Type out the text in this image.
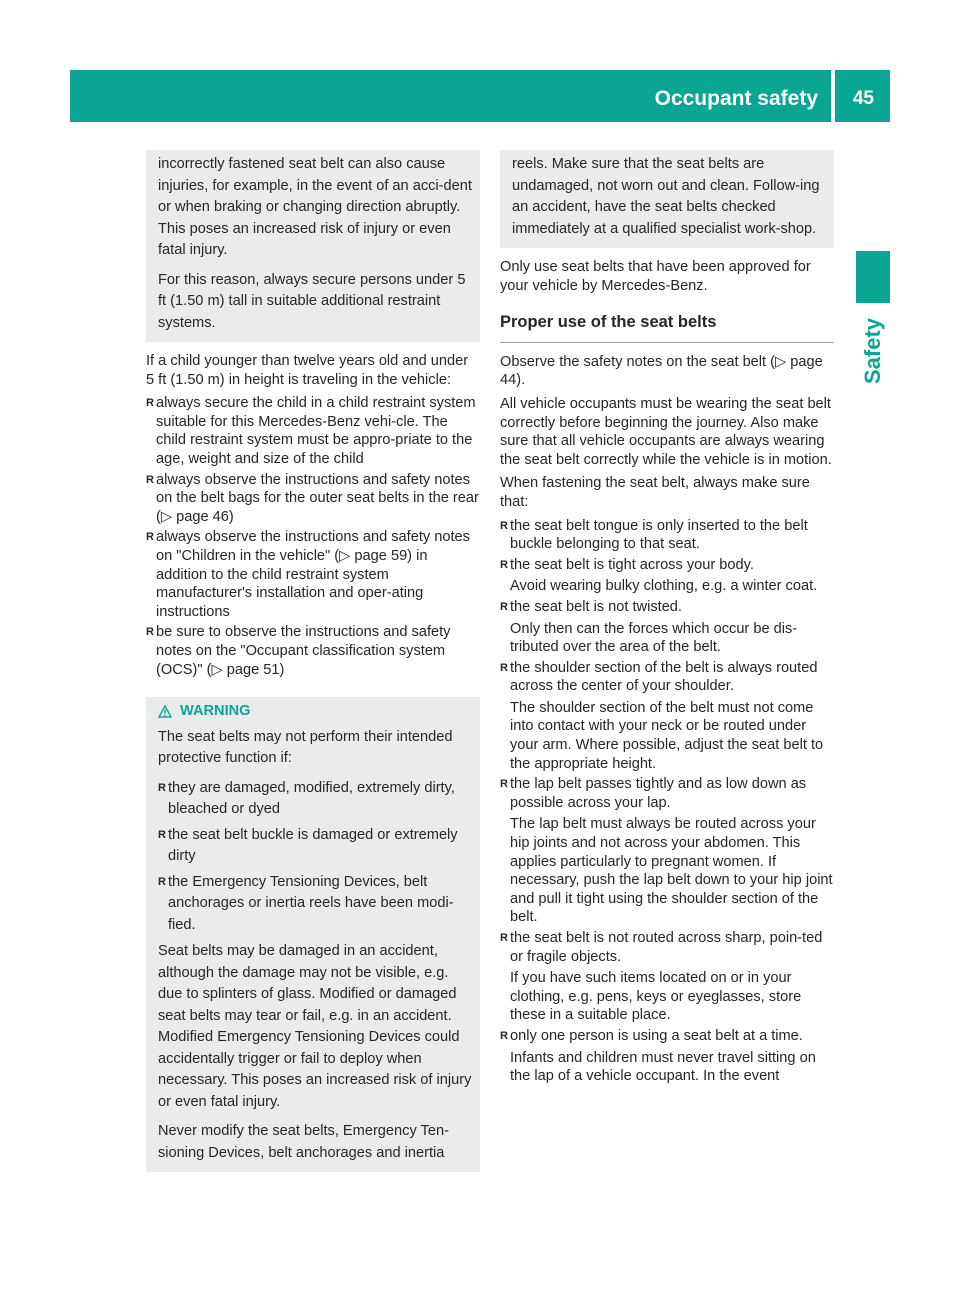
Occupant safety 45
Safety

incorrectly fastened seat belt can also cause injuries, for example, in the event of an acci-dent or when braking or changing direction abruptly. This poses an increased risk of injury or even fatal injury.

For this reason, always secure persons under 5 ft (1.50 m) tall in suitable additional restraint systems.

If a child younger than twelve years old and under 5 ft (1.50 m) in height is traveling in the vehicle:

R always secure the child in a child restraint system suitable for this Mercedes-Benz vehi-cle. The child restraint system must be appro-priate to the age, weight and size of the child
R always observe the instructions and safety notes on the belt bags for the outer seat belts in the rear (▷ page 46)
R always observe the instructions and safety notes on "Children in the vehicle" (▷ page 59) in addition to the child restraint system manufacturer's installation and oper-ating instructions
R be sure to observe the instructions and safety notes on the "Occupant classification system (OCS)" (▷ page 51)
WARNING

The seat belts may not perform their intended protective function if:

R they are damaged, modified, extremely dirty, bleached or dyed
R the seat belt buckle is damaged or extremely dirty
R the Emergency Tensioning Devices, belt anchorages or inertia reels have been modi-fied.

Seat belts may be damaged in an accident, although the damage may not be visible, e.g. due to splinters of glass. Modified or damaged seat belts may tear or fail, e.g. in an accident. Modified Emergency Tensioning Devices could accidentally trigger or fail to deploy when necessary. This poses an increased risk of injury or even fatal injury.

Never modify the seat belts, Emergency Ten-sioning Devices, belt anchorages and inertia

reels. Make sure that the seat belts are undamaged, not worn out and clean. Follow-ing an accident, have the seat belts checked immediately at a qualified specialist work-shop.

Only use seat belts that have been approved for your vehicle by Mercedes-Benz.

Proper use of the seat belts

Observe the safety notes on the seat belt (▷ page 44).

All vehicle occupants must be wearing the seat belt correctly before beginning the journey. Also make sure that all vehicle occupants are always wearing the seat belt correctly while the vehicle is in motion.

When fastening the seat belt, always make sure that:

R the seat belt tongue is only inserted to the belt buckle belonging to that seat.
R the seat belt is tight across your body.
Avoid wearing bulky clothing, e.g. a winter coat.
R the seat belt is not twisted.
Only then can the forces which occur be dis-tributed over the area of the belt.
R the shoulder section of the belt is always routed across the center of your shoulder.
The shoulder section of the belt must not come into contact with your neck or be routed under your arm. Where possible, adjust the seat belt to the appropriate height.
R the lap belt passes tightly and as low down as possible across your lap.
The lap belt must always be routed across your hip joints and not across your abdomen. This applies particularly to pregnant women. If necessary, push the lap belt down to your hip joint and pull it tight using the shoulder section of the belt.
R the seat belt is not routed across sharp, poin-ted or fragile objects.
If you have such items located on or in your clothing, e.g. pens, keys or eyeglasses, store these in a suitable place.
R only one person is using a seat belt at a time.
Infants and children must never travel sitting on the lap of a vehicle occupant. In the event
